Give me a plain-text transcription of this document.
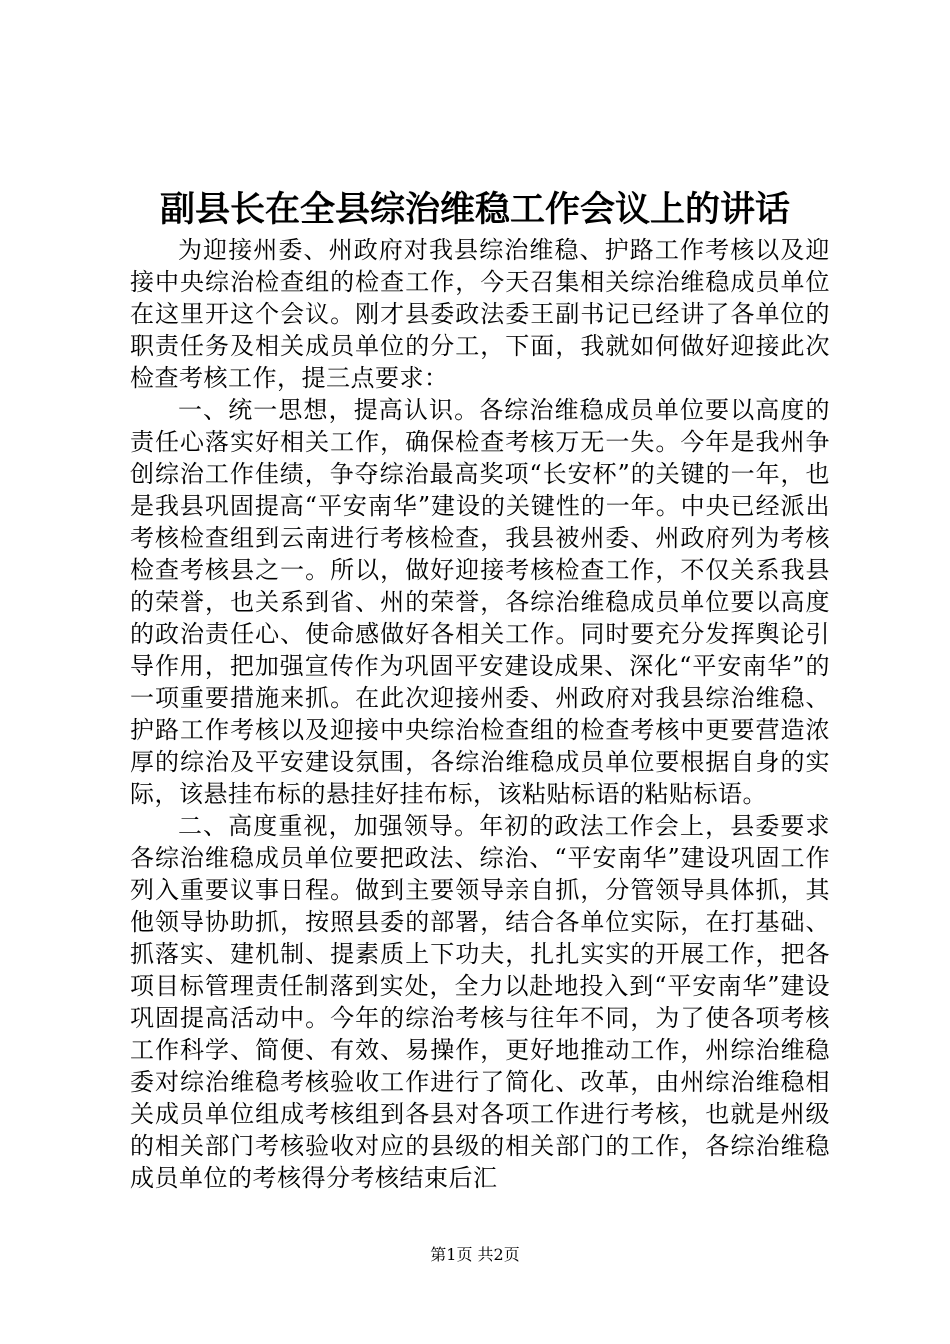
副县长在全县综治维稳工作会议上的讲话

为迎接州委、州政府对我县综治维稳、护路工作考核以及迎接中央综治检查组的检查工作，今天召集相关综治维稳成员单位在这里开这个会议。刚才县委政法委王副书记已经讲了各单位的职责任务及相关成员单位的分工，下面，我就如何做好迎接此次检查考核工作，提三点要求：

一、统一思想，提高认识。各综治维稳成员单位要以高度的责任心落实好相关工作，确保检查考核万无一失。今年是我州争创综治工作佳绩，争夺综治最高奖项“长安杯”的关键的一年，也是我县巩固提高“平安南华”建设的关键性的一年。中央已经派出考核检查组到云南进行考核检查，我县被州委、州政府列为考核检查考核县之一。所以，做好迎接考核检查工作，不仅关系我县的荣誉，也关系到省、州的荣誉，各综治维稳成员单位要以高度的政治责任心、使命感做好各相关工作。同时要充分发挥舆论引导作用，把加强宣传作为巩固平安建设成果、深化“平安南华”的一项重要措施来抓。在此次迎接州委、州政府对我县综治维稳、护路工作考核以及迎接中央综治检查组的检查考核中更要营造浓厚的综治及平安建设氛围，各综治维稳成员单位要根据自身的实际，该悬挂布标的悬挂好挂布标，该粘贴标语的粘贴标语。

二、高度重视，加强领导。年初的政法工作会上，县委要求各综治维稳成员单位要把政法、综治、“平安南华”建设巩固工作列入重要议事日程。做到主要领导亲自抓，分管领导具体抓，其他领导协助抓，按照县委的部署，结合各单位实际，在打基础、抓落实、建机制、提素质上下功夫，扎扎实实的开展工作，把各项目标管理责任制落到实处，全力以赴地投入到“平安南华”建设巩固提高活动中。今年的综治考核与往年不同，为了使各项考核工作科学、简便、有效、易操作，更好地推动工作，州综治维稳委对综治维稳考核验收工作进行了简化、改革，由州综治维稳相关成员单位组成考核组到各县对各项工作进行考核，也就是州级的相关部门考核验收对应的县级的相关部门的工作，各综治维稳成员单位的考核得分考核结束后汇

第1页 共2页
